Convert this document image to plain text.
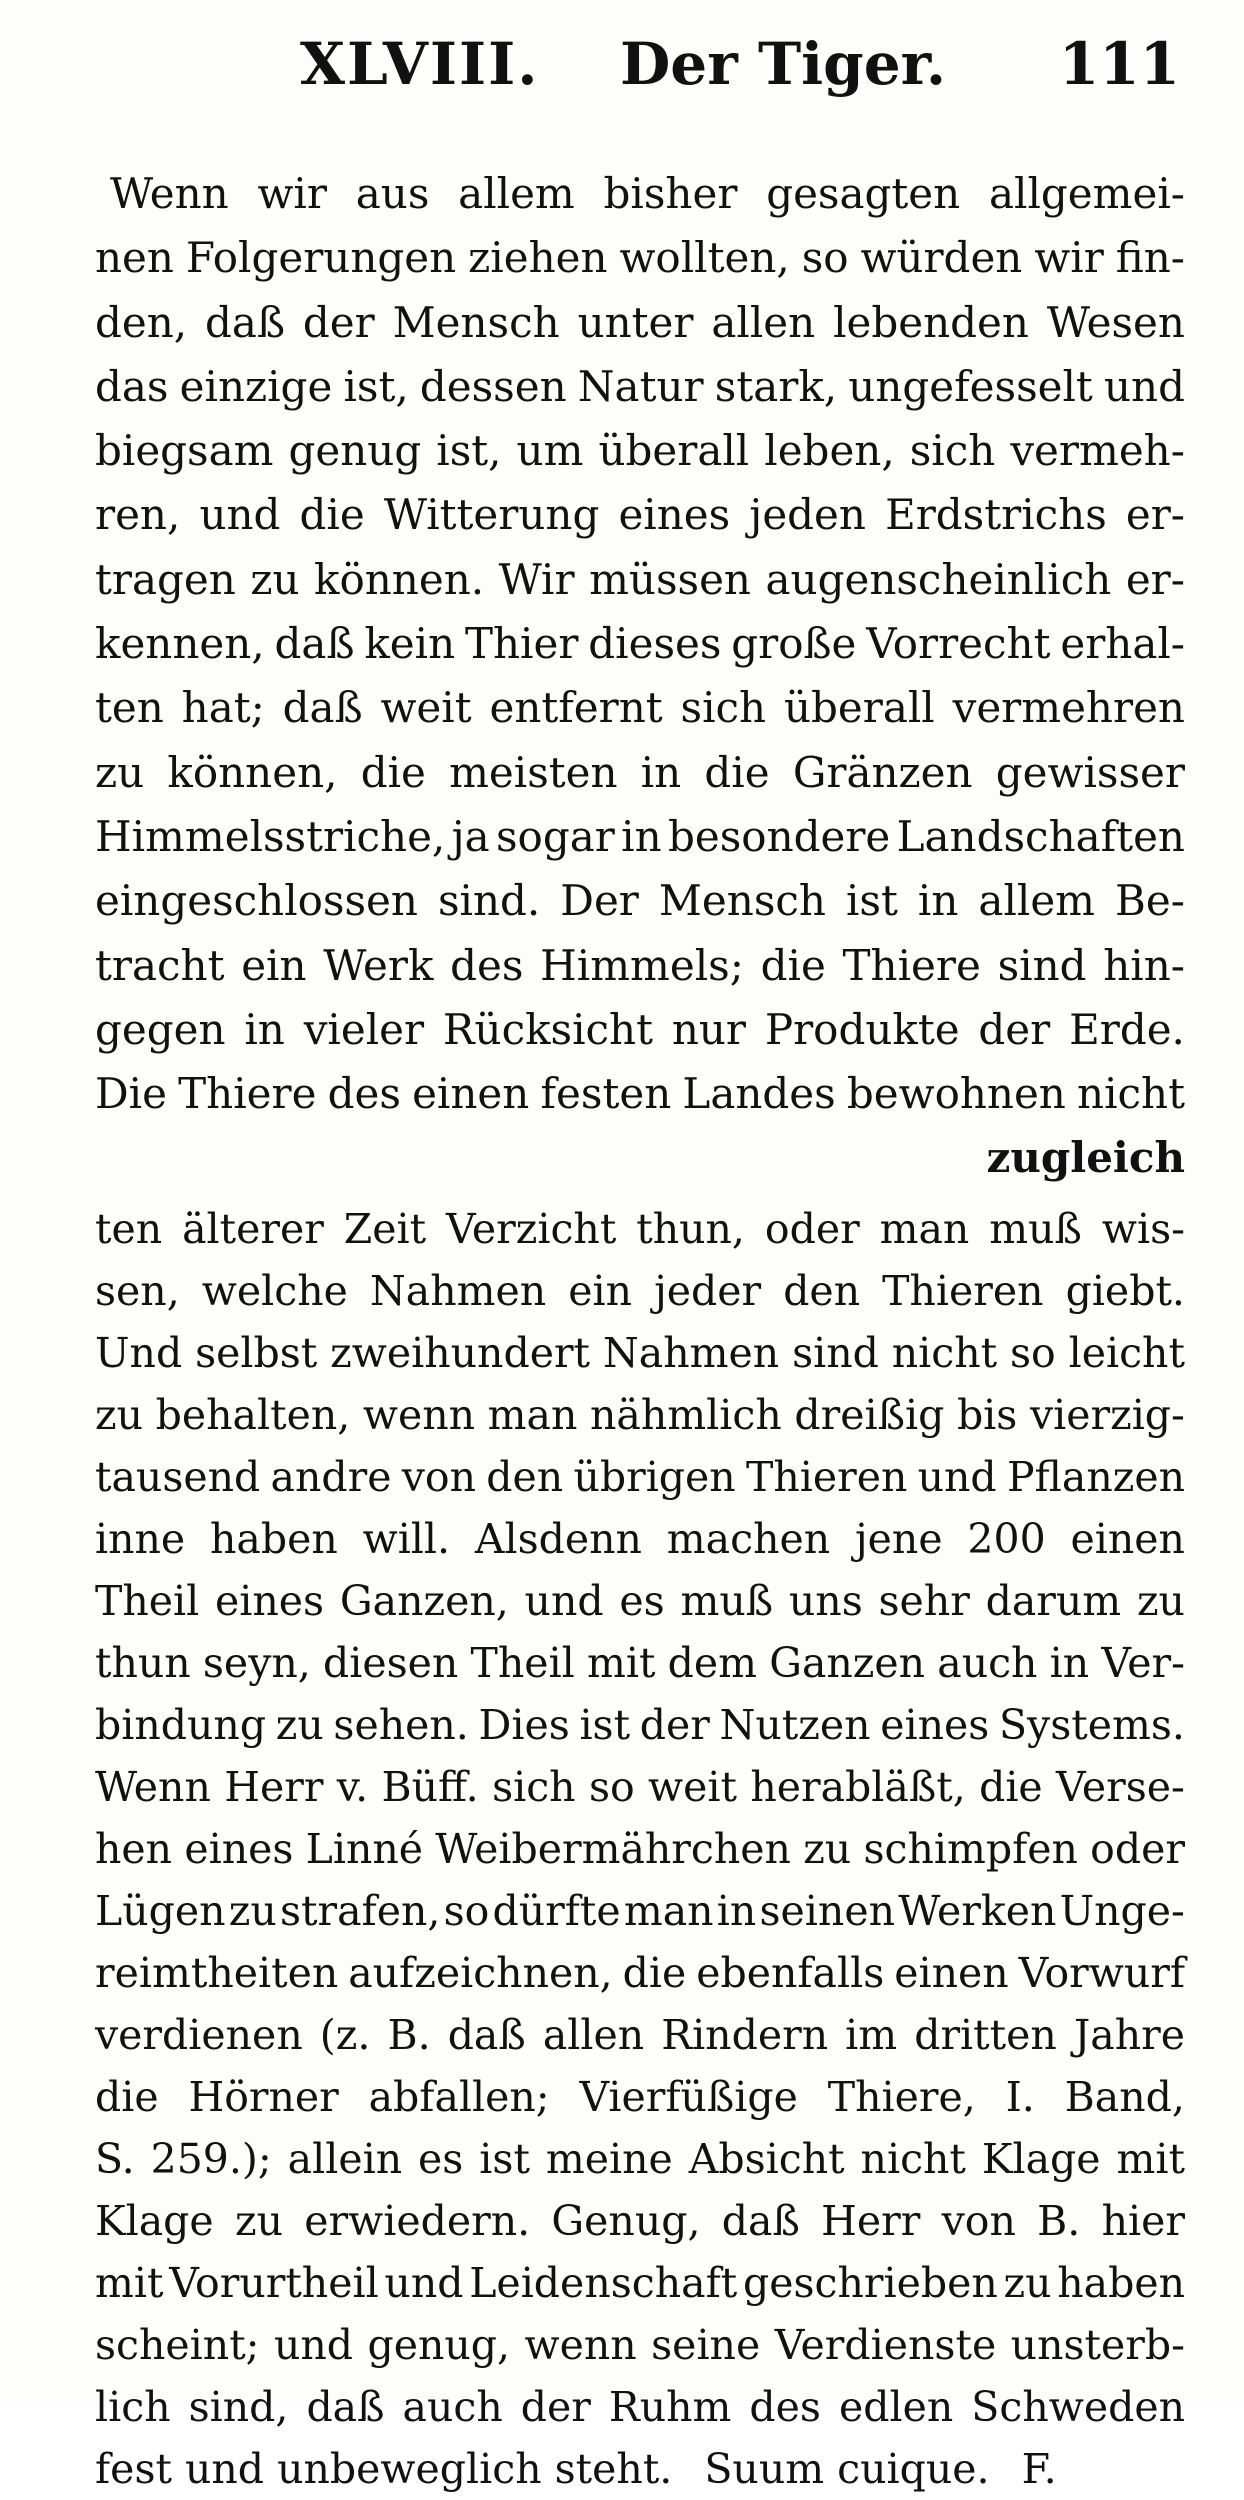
XLVIII. Der Tiger. 111
Wenn wir aus allem bisher gesagten allgemei-
nen Folgerungen ziehen wollten, so würden wir fin-
den, daß der Mensch unter allen lebenden Wesen
das einzige ist, dessen Natur stark, ungefesselt und
biegsam genug ist, um überall leben, sich vermeh-
ren, und die Witterung eines jeden Erdstrichs er-
tragen zu können. Wir müssen augenscheinlich er-
kennen, daß kein Thier dieses große Vorrecht erhal-
ten hat; daß weit entfernt sich überall vermehren
zu können, die meisten in die Gränzen gewisser
Himmelsstriche, ja sogar in besondere Landschaften
eingeschlossen sind. Der Mensch ist in allem Be-
tracht ein Werk des Himmels; die Thiere sind hin-
gegen in vieler Rücksicht nur Produkte der Erde.
Die Thiere des einen festen Landes bewohnen nicht
zugleich
ten älterer Zeit Verzicht thun, oder man muß wis-
sen, welche Nahmen ein jeder den Thieren giebt.
Und selbst zweihundert Nahmen sind nicht so leicht
zu behalten, wenn man nähmlich dreißig bis vierzig-
tausend andre von den übrigen Thieren und Pflanzen
inne haben will. Alsdenn machen jene 200 einen
Theil eines Ganzen, und es muß uns sehr darum zu
thun seyn, diesen Theil mit dem Ganzen auch in Ver-
bindung zu sehen. Dies ist der Nutzen eines Systems.
Wenn Herr v. Büff. sich so weit herabläßt, die Verse-
hen eines Linné Weibermährchen zu schimpfen oder
Lügen zu strafen, so dürfte man in seinen Werken Unge-
reimtheiten aufzeichnen, die ebenfalls einen Vorwurf
verdienen (z. B. daß allen Rindern im dritten Jahre
die Hörner abfallen; Vierfüßige Thiere, I. Band,
S. 259.); allein es ist meine Absicht nicht Klage mit
Klage zu erwiedern. Genug, daß Herr von B. hier
mit Vorurtheil und Leidenschaft geschrieben zu haben
scheint; und genug, wenn seine Verdienste unsterb-
lich sind, daß auch der Ruhm des edlen Schweden
fest und unbeweglich steht. Suum cuique. F.
